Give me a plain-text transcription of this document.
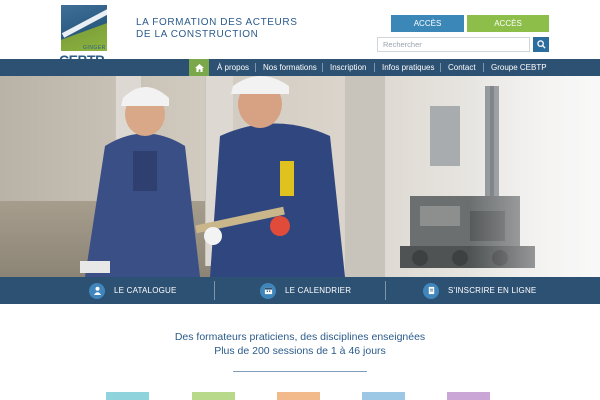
GINGER
LA FORMATION DES ACTEURS
DE LA CONSTRUCTION
ACCÈS	ACCÈS
Rechercher
À propos Nos formations Inscription Infos pratiques Contact Groupe CEBTP
LE CATALOGUE	LE CALENDRIER	S'INSCRIRE EN LIGNE
Des formateurs praticiens, des disciplines enseignées
Plus de 200 sessions de 1 à 46 jours
